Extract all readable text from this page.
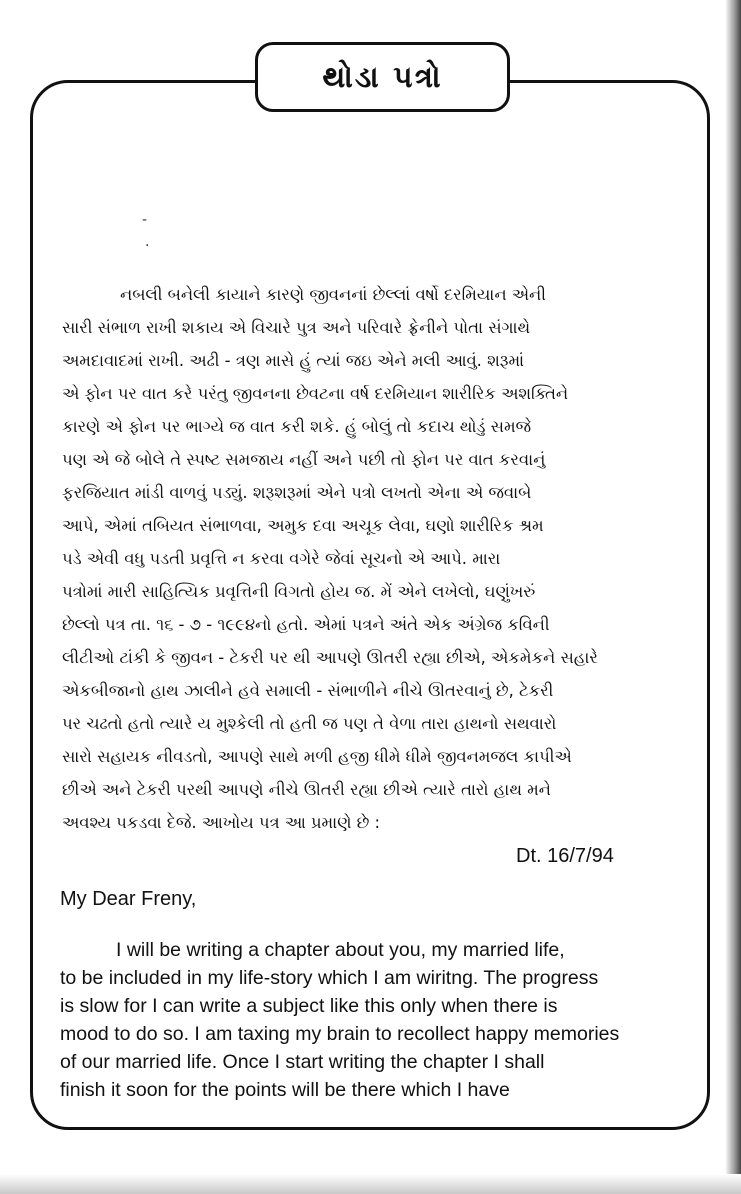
થોડા પત્રો
-
.
નબલી બનેલી કાયાને કારણે જીવનનાં છેલ્લાં વર્ષો દરમિયાન એની
સારી સંભાળ રાખી શકાય એ વિચારે પુત્ર અને પરિવારે ફ્રેનીને પોતા સંગાથે
અમદાવાદમાં રાખી. અઢી - ત્રણ માસે હું ત્યાં જઇ એને મલી આવું. શરૂમાં
એ ફોન પર વાત કરે પરંતુ જીવનના છેવટના વર્ષ દરમિયાન શારીરિક અશક્તિને
કારણે એ ફોન પર ભાગ્યે જ વાત કરી શકે. હું બોલું તો કદાચ થોડું સમજે
પણ એ જે બોલે તે સ્પષ્ટ સમજાય નહીં અને પછી તો ફોન પર વાત કરવાનું
ફરજિયાત માંડી વાળવું પડ્યું. શરૂશરૂમાં એને પત્રો લખતો એના એ જવાબે
આપે, એમાં તબિયત સંભાળવા, અમુક દવા અચૂક લેવા, ઘણો શારીરિક શ્રમ
પડે એવી વધુ પડતી પ્રવૃત્તિ ન કરવા વગેરે જેવાં સૂચનો એ આપે. મારા
પત્રોમાં મારી સાહિત્યિક પ્રવૃત્તિની વિગતો હોય જ. મેં એને લખેલો, ઘણુંખરું
છેલ્લો પત્ર તા. ૧૬ - ૭ - ૧૯૯૪નો હતો. એમાં પત્રને અંતે એક અંગ્રેજ કવિની
લીટીઓ ટાંકી કે જીવન - ટેકરી પર થી આપણે ઊતરી રહ્યા છીએ, એકમેકને સહારે
એકબીજાનો હાથ ઝાલીને હવે સમાલી - સંભાળીને નીચે ઊતરવાનું છે, ટેકરી
પર ચઢતો હતો ત્યારે ય મુશ્કેલી તો હતી જ પણ તે વેળા તારા હાથનો સથવારો
સારો સહાયક નીવડતો, આપણે સાથે મળી હજી ધીમે ધીમે જીવનમજલ કાપીએ
છીએ અને ટેકરી પરથી આપણે નીચે ઊતરી રહ્યા છીએ ત્યારે તારો હાથ મને
અવશ્ય પકડવા દેજે. આખોય પત્ર આ પ્રમાણે છે :
Dt. 16/7/94
My Dear Freny,
I will be writing a chapter about you, my married life,
to be included in my life-story which I am wiritng. The progress
is slow for I can write a subject like this only when there is
mood to do so. I am taxing my brain to recollect happy memories
of our married life. Once I start writing the chapter I shall
finish it soon for the points will be there which I have
